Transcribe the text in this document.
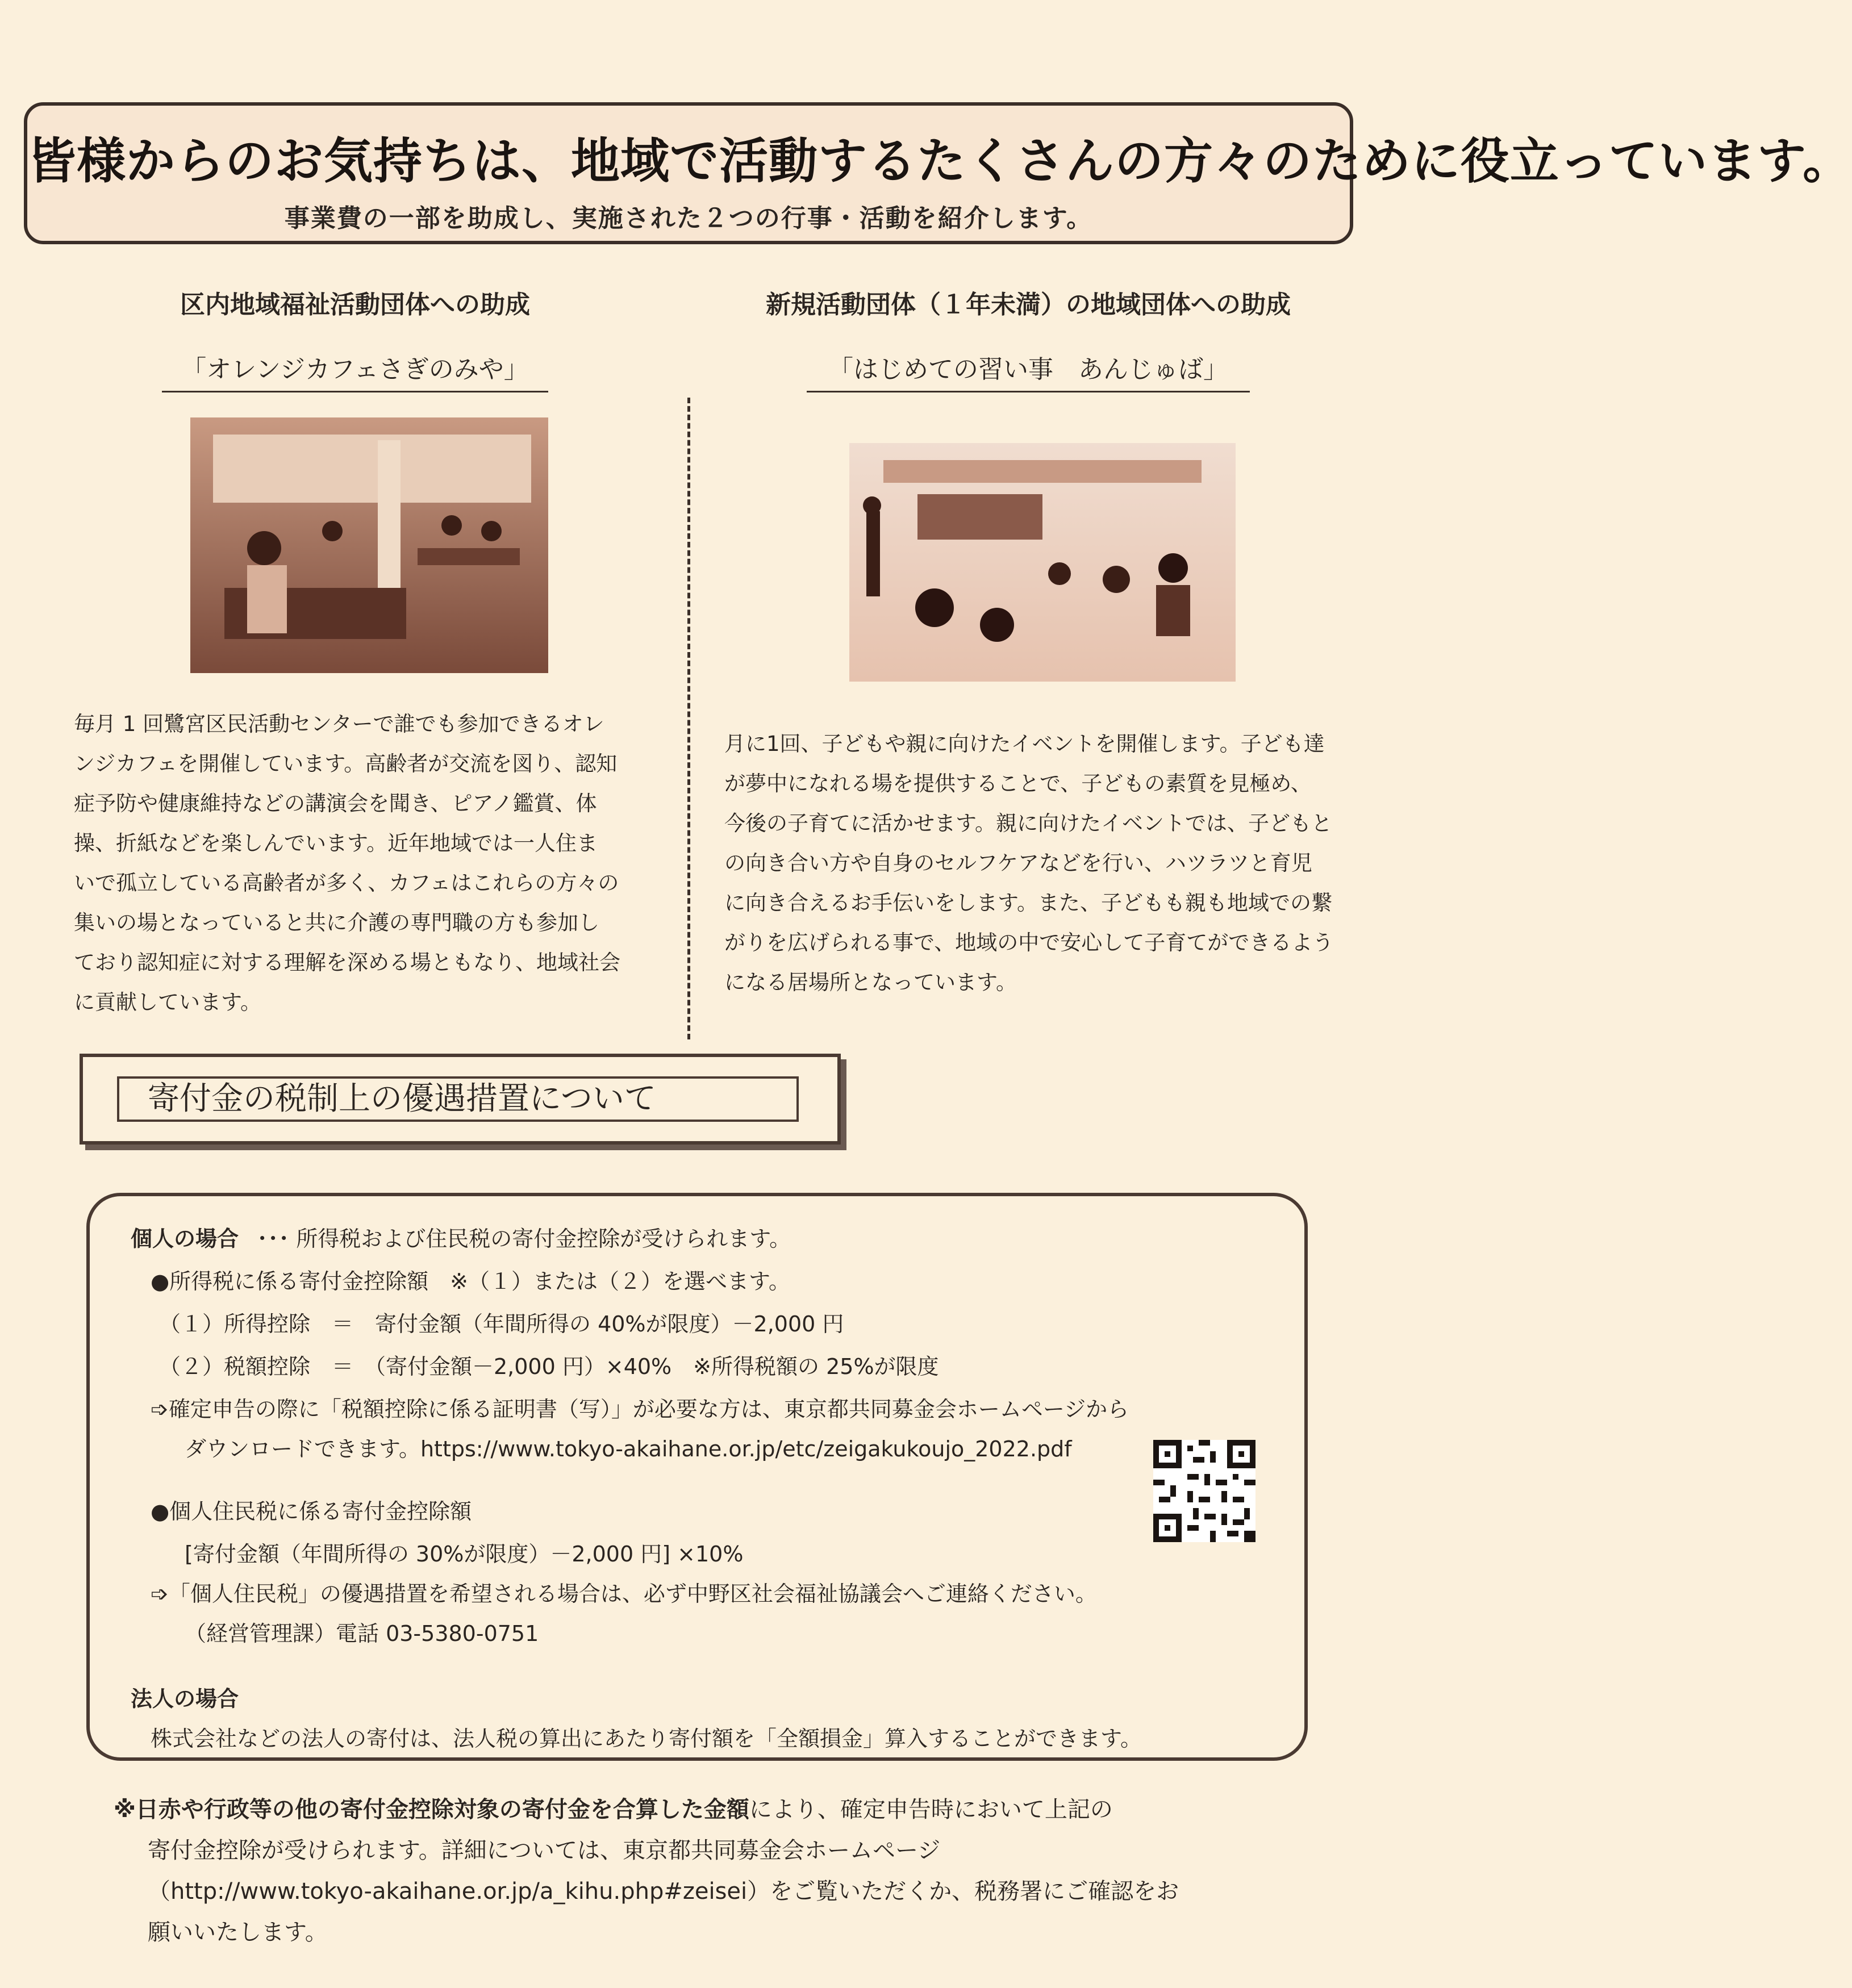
皆様からのお気持ちは、地域で活動するたくさんの方々のために役立っています。
事業費の一部を助成し、実施された２つの行事・活動を紹介します。
区内地域福祉活動団体への助成
「オレンジカフェさぎのみや」

毎月 1 回鷺宮区民活動センターで誰でも参加できるオレ

ンジカフェを開催しています。高齢者が交流を図り、認知

症予防や健康維持などの講演会を聞き、ピアノ鑑賞、体

操、折紙などを楽しんでいます。近年地域では一人住ま

いで孤立している高齢者が多く、カフェはこれらの方々の

集いの場となっていると共に介護の専門職の方も参加し

ており認知症に対する理解を深める場ともなり、地域社会

に貢献しています。

新規活動団体（１年未満）の地域団体への助成
「はじめての習い事　あんじゅば」

月に1回、子どもや親に向けたイベントを開催します。子ども達

が夢中になれる場を提供することで、子どもの素質を見極め、

今後の子育てに活かせます。親に向けたイベントでは、子どもと

の向き合い方や自身のセルフケアなどを行い、ハツラツと育児

に向き合えるお手伝いをします。また、子どもも親も地域での繋

がりを広げられる事で、地域の中で安心して子育てができるよう

になる居場所となっています。

寄付金の税制上の優遇措置について
個人の場合 ･･･ 所得税および住民税の寄付金控除が受けられます。
●所得税に係る寄付金控除額　※（１）または（２）を選べます。
（１）所得控除　＝　寄付金額（年間所得の 40%が限度）－2,000 円
（２）税額控除　＝　（寄付金額－2,000 円）×40%　※所得税額の 25%が限度
➩確定申告の際に「税額控除に係る証明書（写）」が必要な方は、東京都共同募金会ホームページから
ダウンロードできます。https://www.tokyo-akaihane.or.jp/etc/zeigakukoujo_2022.pdf
●個人住民税に係る寄付金控除額
[寄付金額（年間所得の 30%が限度）－2,000 円] ×10%
➩「個人住民税」の優遇措置を希望される場合は、必ず中野区社会福祉協議会へご連絡ください。
（経営管理課）電話 03-5380-0751
法人の場合
株式会社などの法人の寄付は、法人税の算出にあたり寄付額を「全額損金」算入することができます。
※日赤や行政等の他の寄付金控除対象の寄付金を合算した金額により、確定申告時において上記の
寄付金控除が受けられます。詳細については、東京都共同募金会ホームページ
（http://www.tokyo-akaihane.or.jp/a_kihu.php#zeisei）をご覧いただくか、税務署にご確認をお
願いいたします。
